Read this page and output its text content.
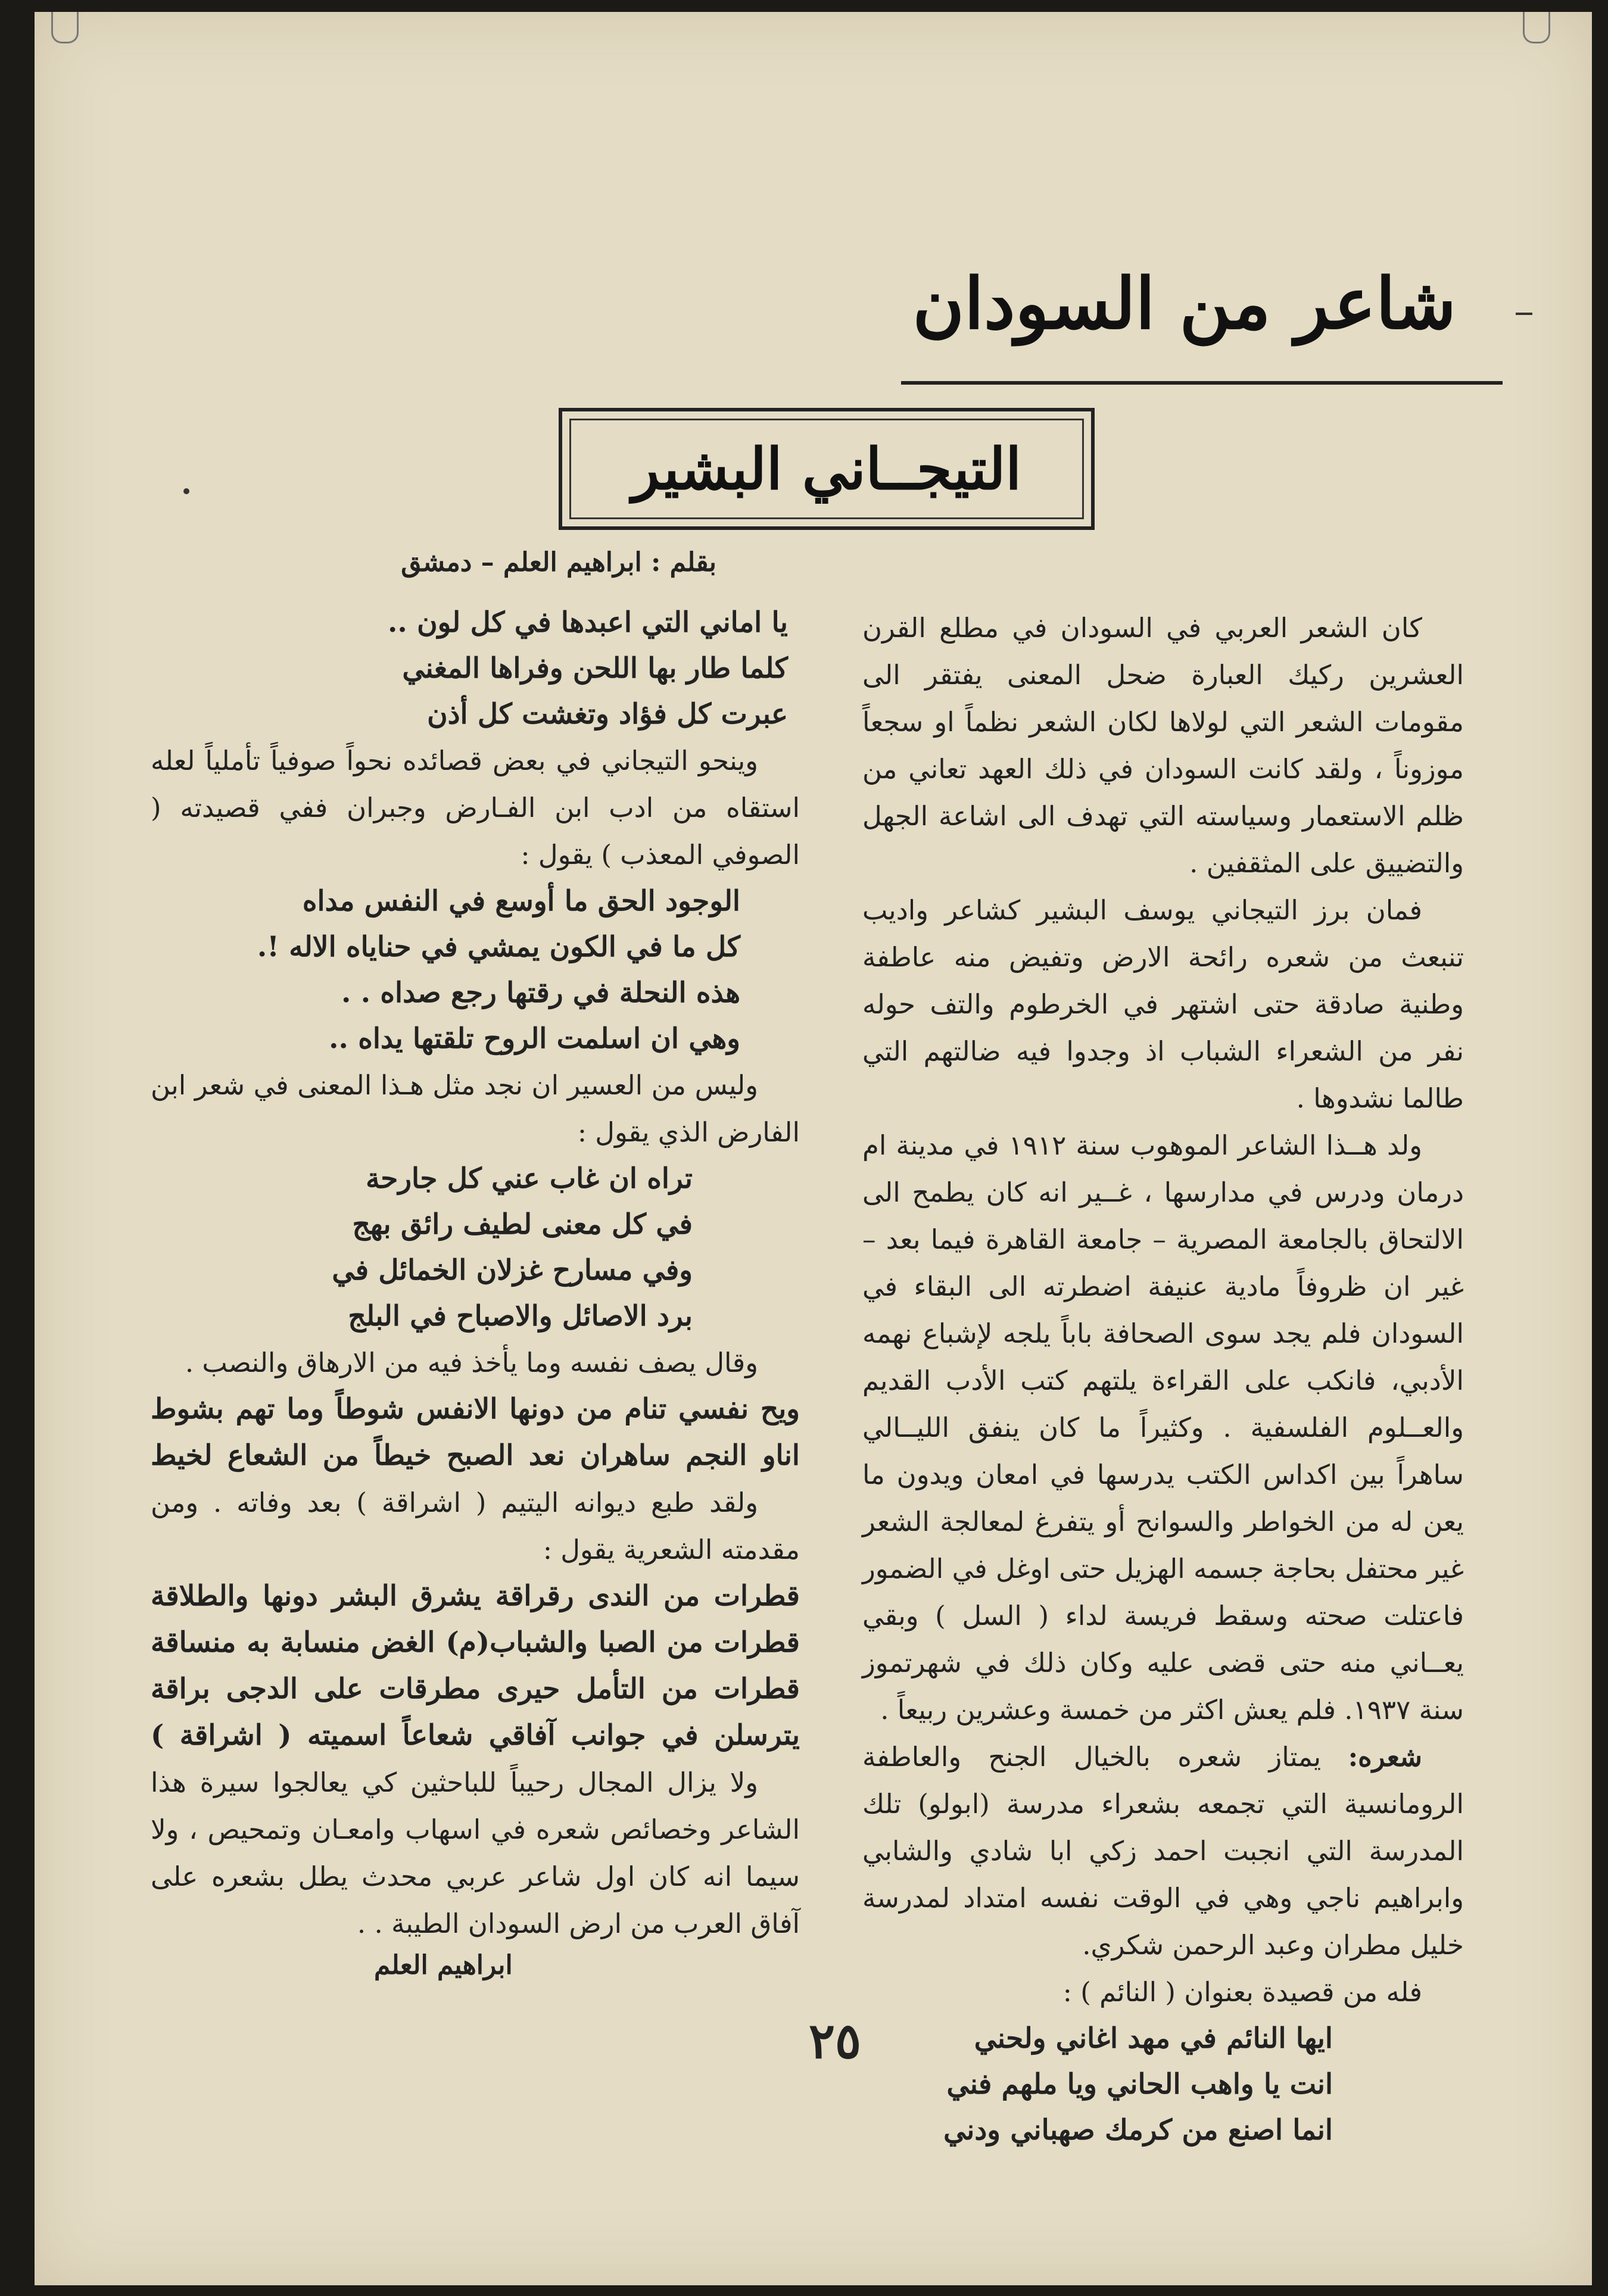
شاعر من السودان
التيجــاني البشير

كان الشعر العربي في السودان في مطلع القرن العشرين ركيك العبارة ضحل المعنى يفتقر الى مقومات الشعر التي لولاها لكان الشعر نظماً او سجعاً موزوناً ، ولقد كانت السودان في ذلك العهد تعاني من ظلم الاستعمار وسياسته التي تهدف الى اشاعة الجهل والتضييق على المثقفين .

فمان برز التيجاني يوسف البشير كشاعر واديب تنبعث من شعره رائحة الارض وتفيض منه عاطفة وطنية صادقة حتى اشتهر في الخرطوم والتف حوله نفر من الشعراء الشباب اذ وجدوا فيه ضالتهم التي طالما نشدوها .

ولد هــذا الشاعر الموهوب سنة ١٩١٢ في مدينة ام درمان ودرس في مدارسها ، غــير انه كان يطمح الى الالتحاق بالجامعة المصرية – جامعة القاهرة فيما بعد – غير ان ظروفاً مادية عنيفة اضطرته الى البقاء في السودان فلم يجد سوى الصحافة باباً يلجه لإشباع نهمه الأدبي، فانكب على القراءة يلتهم كتب الأدب القديم والعــلوم الفلسفية . وكثيراً ما كان ينفق الليــالي ساهراً بين اكداس الكتب يدرسها في امعان ويدون ما يعن له من الخواطر والسوانح أو يتفرغ لمعالجة الشعر غير محتفل بحاجة جسمه الهزيل حتى اوغل في الضمور فاعتلت صحته وسقط فريسة لداء ( السل ) وبقي يعــاني منه حتى قضى عليه وكان ذلك في شهرتموز سنة ١٩٣٧. فلم يعش اكثر من خمسة وعشرين ربيعاً .

شعره: يمتاز شعره بالخيال الجنح والعاطفة الرومانسية التي تجمعه بشعراء مدرسة (ابولو) تلك المدرسة التي انجبت احمد زكي ابا شادي والشابي وابراهيم ناجي وهي في الوقت نفسه امتداد لمدرسة خليل مطران وعبد الرحمن شكري.

فله من قصيدة بعنوان ( النائم ) :

ايها النائم في مهد اغاني ولحني

انت يا واهب الحاني ويا ملهم فني

انما اصنع من كرمك صهباني ودني

بقلم : ابراهيم العلم – دمشق

يا اماني التي اعبدها في كل لون ..

كلما طار بها اللحن وفراها المغني

عبرت كل فؤاد وتغشت كل أذن

وينحو التيجاني في بعض قصائده نحواً صوفياً تأملياً لعله استقاه من ادب ابن الفـارض وجبران ففي قصيدته ( الصوفي المعذب ) يقول :

الوجود الحق ما أوسع في النفس مداه

كل ما في الكون يمشي في حناياه الاله !.

هذه النحلة في رقتها رجع صداه . .

وهي ان اسلمت الروح تلقتها يداه ..

وليس من العسير ان نجد مثل هـذا المعنى في شعر ابن الفارض الذي يقول :

تراه ان غاب عني كل جارحة

في كل معنى لطيف رائق بهج

وفي مسارح غزلان الخمائل في

برد الاصائل والاصباح في البلج

وقال يصف نفسه وما يأخذ فيه من الارهاق والنصب .

ويح نفسي تنام من دونها الانفس شوطاً وما تهم بشوط

اناو النجم ساهران نعد الصبح خيطاً من الشعاع لخيط

ولقد طبع ديوانه اليتيم ( اشراقة ) بعد وفاته . ومن مقدمته الشعرية يقول :

قطرات من الندى رقراقة يشرق البشر دونها والطلاقة

قطرات من الصبا والشباب(م) الغض منسابة به منساقة

قطرات من التأمل حيرى مطرقات على الدجى براقة

يترسلن في جوانب آفاقي شعاعاً اسميته ( اشراقة )

ولا يزال المجال رحيباً للباحثين كي يعالجوا سيرة هذا الشاعر وخصائص شعره في اسهاب وامعـان وتمحيص ، ولا سيما انه كان اول شاعر عربي محدث يطل بشعره على آفاق العرب من ارض السودان الطيبة . .

ابراهيم العلم
٢٥
